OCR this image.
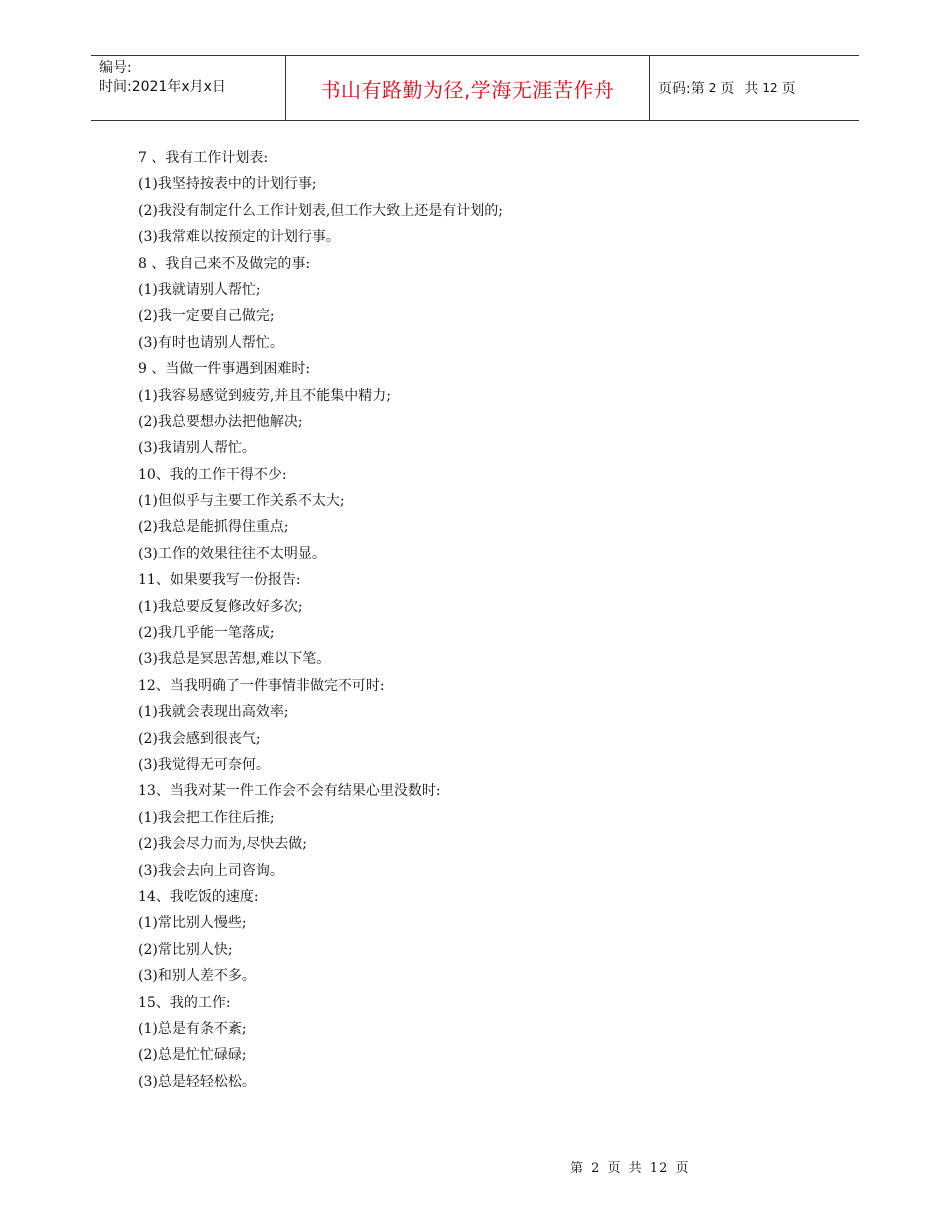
编号:
时间:2021年x月x日	书山有路勤为径,学海无涯苦作舟	页码:第 2 页 共 12 页
7 、我有工作计划表:
(1)我坚持按表中的计划行事;
(2)我没有制定什么工作计划表,但工作大致上还是有计划的;
(3)我常难以按预定的计划行事。
8 、我自己来不及做完的事:
(1)我就请别人帮忙;
(2)我一定要自己做完;
(3)有时也请别人帮忙。
9 、当做一件事遇到困难时:
(1)我容易感觉到疲劳,并且不能集中精力;
(2)我总要想办法把他解决;
(3)我请别人帮忙。
10、我的工作干得不少:
(1)但似乎与主要工作关系不太大;
(2)我总是能抓得住重点;
(3)工作的效果往往不太明显。
11、如果要我写一份报告:
(1)我总要反复修改好多次;
(2)我几乎能一笔落成;
(3)我总是冥思苦想,难以下笔。
12、当我明确了一件事情非做完不可时:
(1)我就会表现出高效率;
(2)我会感到很丧气;
(3)我觉得无可奈何。
13、当我对某一件工作会不会有结果心里没数时:
(1)我会把工作往后推;
(2)我会尽力而为,尽快去做;
(3)我会去向上司咨询。
14、我吃饭的速度:
(1)常比别人慢些;
(2)常比别人快;
(3)和别人差不多。
15、我的工作:
(1)总是有条不紊;
(2)总是忙忙碌碌;
(3)总是轻轻松松。
第 2 页 共 12 页
